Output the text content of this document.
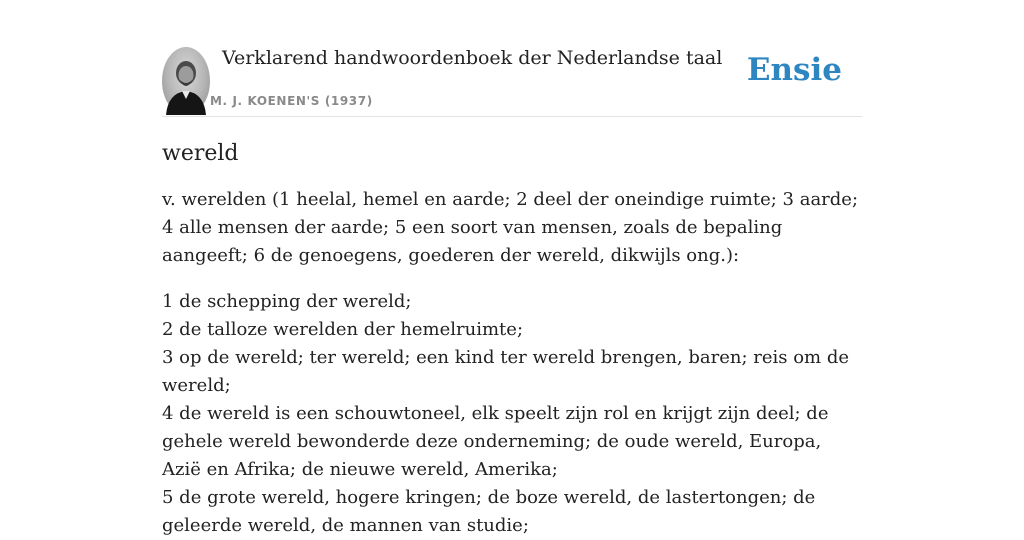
Verklarend handwoordenboek der Nederlandse taal
M. J. KOENEN'S (1937)
Ensie
wereld

v. werelden (1 heelal, hemel en aarde; 2 deel der oneindige ruimte; 3 aarde; 4 alle mensen der aarde; 5 een soort van mensen, zoals de bepaling aangeeft; 6 de genoegens, goederen der wereld, dikwijls ong.):

1 de schepping der wereld;
2 de talloze werelden der hemelruimte;
3 op de wereld; ter wereld; een kind ter wereld brengen, baren; reis om de wereld;
4 de wereld is een schouwtoneel, elk speelt zijn rol en krijgt zijn deel; de gehele wereld bewonderde deze onderneming; de oude wereld, Europa, Azië en Afrika; de nieuwe wereld, Amerika;
5 de grote wereld, hogere kringen; de boze wereld, de lastertongen; de geleerde wereld, de mannen van studie;
